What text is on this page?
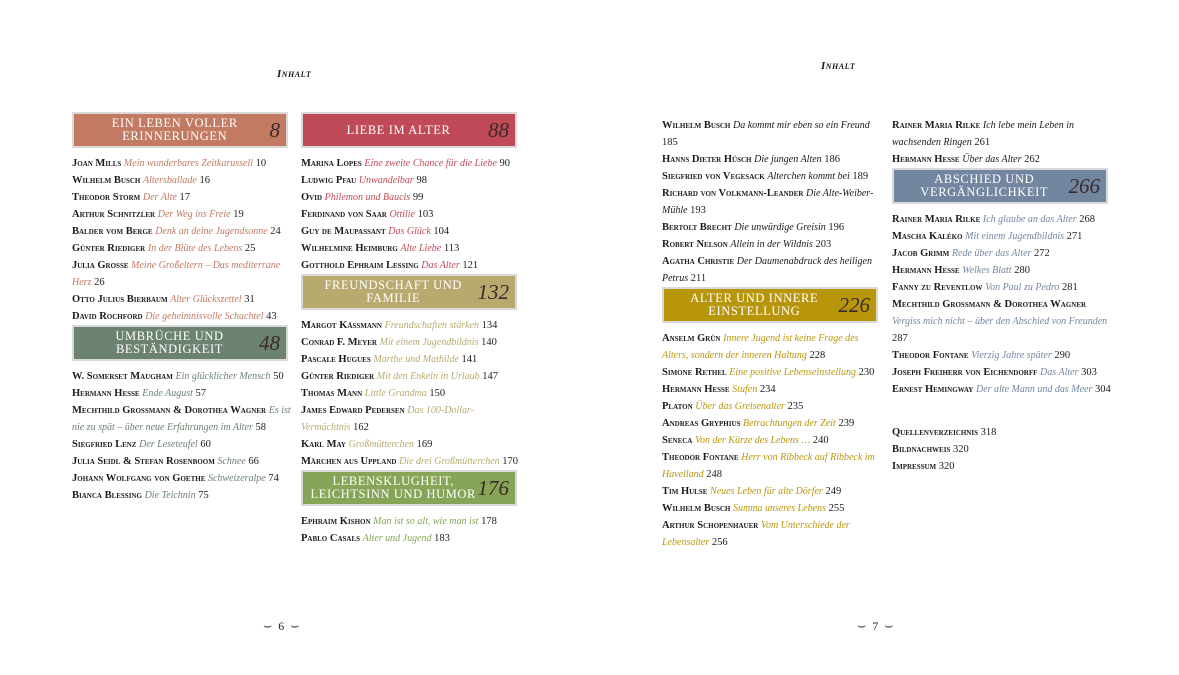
Inhalt
EIN LEBEN VOLLER ERINNERUNGEN	8
Joan Mills Mein wunderbares Zeitkarussell 10
Wilhelm Busch Altersballade 16
Theodor Storm Der Alte 17
Arthur Schnitzler Der Weg ins Freie 19
Balder vom Berge Denk an deine Jugendsonne 24
Günter Riediger In der Blüte des Lebens 25
Julia Grosse Meine Großeltern – Das mediterrane Herz 26
Otto Julius Bierbaum Alter Glückszettel 31
David Rochford Die geheimnisvolle Schachtel 43
UMBRÜCHE UND BESTÄNDIGKEIT	48
W. Somerset Maugham Ein glücklicher Mensch 50
Hermann Hesse Ende August 57
Mechthild Großmann & Dorothea Wagner Es ist nie zu spät – über neue Erfahrungen im Alter 58
Siegfried Lenz Der Leseteufel 60
Julia Seidl & Stefan Rosenboom Schnee 66
Johann Wolfgang von Goethe Schweizeralpe 74
Bianca Blessing Die Teichnin 75
LIEBE IM ALTER	88
Marina Lopes Eine zweite Chance für die Liebe 90
Ludwig Pfau Unwandelbar 98
Ovid Philemon und Baucis 99
Ferdinand von Saar Ottilie 103
Guy de Maupassant Das Glück 104
Wilhelmine Heimburg Alte Liebe 113
Gotthold Ephraim Lessing Das Alter 121
FREUNDSCHAFT UND FAMILIE	132
Margot Kässmann Freundschaften stärken 134
Conrad F. Meyer Mit einem Jugendbildnis 140
Pascale Hugues Marthe und Mathilde 141
Günter Riediger Mit den Enkeln in Urlaub 147
Thomas Mann Little Grandma 150
James Edward Pedersen Das 100-Dollar-Vermächtnis 162
Karl May Großmütterchen 169
Märchen aus Uppland Die drei Großmütterchen 170
LEBENSKLUGHEIT, LEICHTSINN UND HUMOR 176
Ephraim Kishon Man ist so alt, wie man ist 178
Pablo Casals Alter und Jugend 183
⌣ 6 ⌣
Inhalt
Wilhelm Busch Da kommt mir eben so ein Freund 185
Hanns Dieter Hüsch Die jungen Alten 186
Siegfried von Vegesack Alterchen kommt bei 189
Richard von Volkmann-Leander Die Alte-Weiber-Mühle 193
Bertolt Brecht Die unwürdige Greisin 196
Robert Nelson Allein in der Wildnis 203
Agatha Christie Der Daumenabdruck des heiligen Petrus 211
ALTER UND INNERE EINSTELLUNG	226
Anselm Grün Innere Jugend ist keine Frage des Alters, sondern der inneren Haltung 228
Simone Rethel Eine positive Lebenseinstellung 230
Hermann Hesse Stufen 234
Platon Über das Greisenalter 235
Andreas Gryphius Betrachtungen der Zeit 239
Seneca Von der Kürze des Lebens … 240
Theodor Fontane Herr von Ribbeck auf Ribbeck im Havelland 248
Tim Hulse Neues Leben für alte Dörfer 249
Wilhelm Busch Summa unseres Lebens 255
Arthur Schopenhauer Vom Unterschiede der Lebensalter 256
Rainer Maria Rilke Ich lebe mein Leben in wachsenden Ringen 261
Hermann Hesse Über das Alter 262
ABSCHIED UND VERGÄNGLICHKEIT 266
Rainer Maria Rilke Ich glaube an das Alter 268
Mascha Kaléko Mit einem Jugendbildnis 271
Jacob Grimm Rede über das Alter 272
Hermann Hesse Welkes Blatt 280
Fanny zu Reventlow Von Paul zu Pedro 281
Mechthild Grossmann & Dorothea Wagner Vergiss mich nicht – über den Abschied von Freunden 287
Theodor Fontane Vierzig Jahre später 290
Joseph Freiherr von Eichendorff Das Alter 303
Ernest Hemingway Der alte Mann und das Meer 304
Quellenverzeichnis 318
Bildnachweis 320
Impressum 320
⌣ 7 ⌣
